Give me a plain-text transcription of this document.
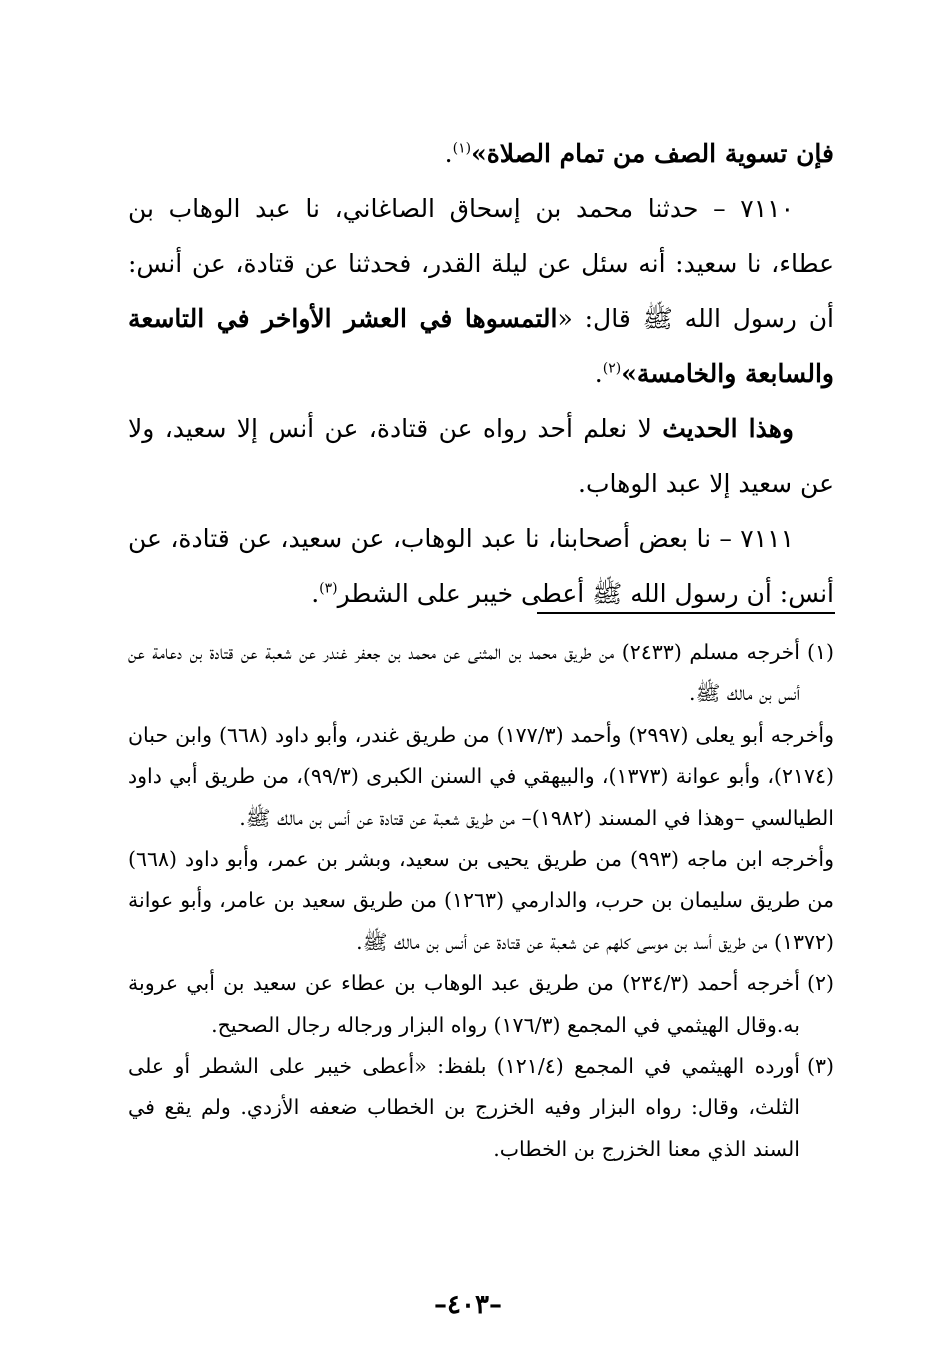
فإن تسوية الصف من تمام الصلاة»$^{(١)}$.

٧١١٠ – حدثنا محمد بن إسحاق الصاغاني، نا عبد الوهاب بن عطاء، نا سعيد: أنه سئل عن ليلة القدر، فحدثنا عن قتادة، عن أنس: أن رسول الله ﷺ قال: «التمسوها في العشر الأواخر في التاسعة والسابعة والخامسة»$^{(٢)}$.

وهذا الحديث لا نعلم أحد رواه عن قتادة، عن أنس إلا سعيد، ولا عن سعيد إلا عبد الوهاب.

٧١١١ – نا بعض أصحابنا، نا عبد الوهاب، عن سعيد، عن قتادة، عن أنس: أن رسول الله ﷺ أعطى خيبر على الشطر$^{(٣)}$.

(١)أخرجه مسلم (٢٤٣٣) من طريق محمد بن المثنى عن محمد بن جعفر غندر عن شعبة عن قتادة بن دعامة عن أنس بن مالك ﷺ.

وأخرجه أبو يعلى (٢٩٩٧) وأحمد (١٧٧/٣) من طريق غندر، وأبو داود (٦٦٨) وابن حبان (٢١٧٤)، وأبو عوانة (١٣٧٣)، والبيهقي في السنن الكبرى (٩٩/٣)، من طريق أبي داود الطيالسي –وهذا في المسند (١٩٨٢)– من طريق شعبة عن قتادة عن أنس بن مالك ﷺ.

وأخرجه ابن ماجه (٩٩٣) من طريق يحيى بن سعيد، وبشر بن عمر، وأبو داود (٦٦٨) من طريق سليمان بن حرب، والدارمي (١٢٦٣) من طريق سعيد بن عامر، وأبو عوانة (١٣٧٢) من طريق أسد بن موسى كلهم عن شعبة عن قتادة عن أنس بن مالك ﷺ.

(٢)أخرجه أحمد (٢٣٤/٣) من طريق عبد الوهاب بن عطاء عن سعيد بن أبي عروبة به.وقال الهيثمي في المجمع (١٧٦/٣) رواه البزار ورجاله رجال الصحيح.

(٣)أورده الهيثمي في المجمع (١٢١/٤) بلفظ: «أعطى خيبر على الشطر أو على الثلث، وقال: رواه البزار وفيه الخزرج بن الخطاب ضعفه الأزدي. ولم يقع في السند الذي معنا الخزرج بن الخطاب.

–٤٠٣–
